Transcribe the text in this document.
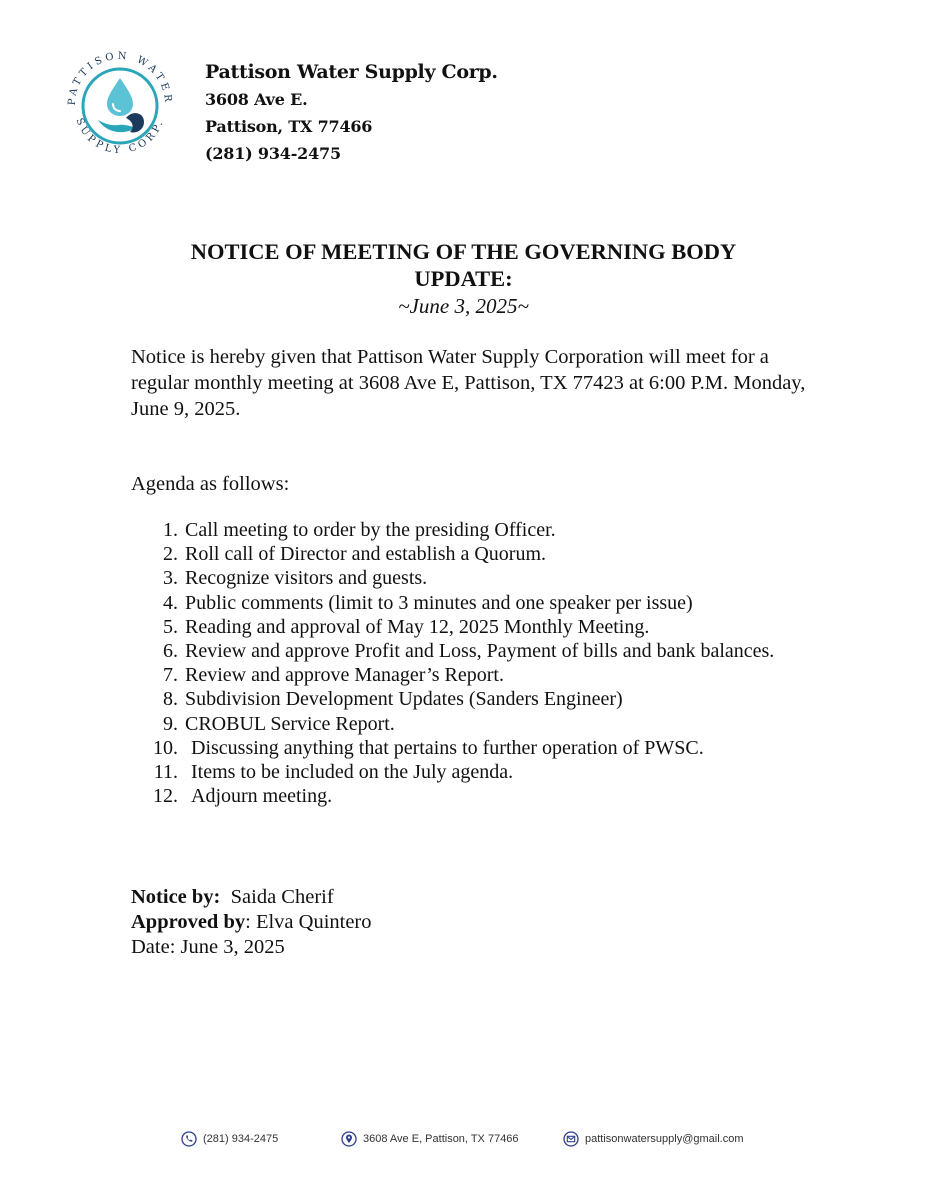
PATTISON WATER
SUPPLY CORP.
Pattison Water Supply Corp.
3608 Ave E.
Pattison, TX 77466
(281) 934-2475
NOTICE OF MEETING OF THE GOVERNING BODY
UPDATE:
~June 3, 2025~
Notice is hereby given that Pattison Water Supply Corporation will meet for a regular monthly meeting at 3608 Ave E, Pattison, TX 77423 at 6:00 P.M. Monday, June 9, 2025.
Agenda as follows:
1. Call meeting to order by the presiding Officer.
2. Roll call of Director and establish a Quorum.
3. Recognize visitors and guests.
4. Public comments (limit to 3 minutes and one speaker per issue)
5. Reading and approval of May 12, 2025 Monthly Meeting.
6. Review and approve Profit and Loss, Payment of bills and bank balances.
7. Review and approve Manager’s Report.
8. Subdivision Development Updates (Sanders Engineer)
9. CROBUL Service Report.
10. Discussing anything that pertains to further operation of PWSC.
11. Items to be included on the July agenda.
12. Adjourn meeting.
Notice by: Saida Cherif
Approved by: Elva Quintero
Date: June 3, 2025
(281) 934-2475	3608 Ave E, Pattison, TX 77466	pattisonwatersupply@gmail.com
